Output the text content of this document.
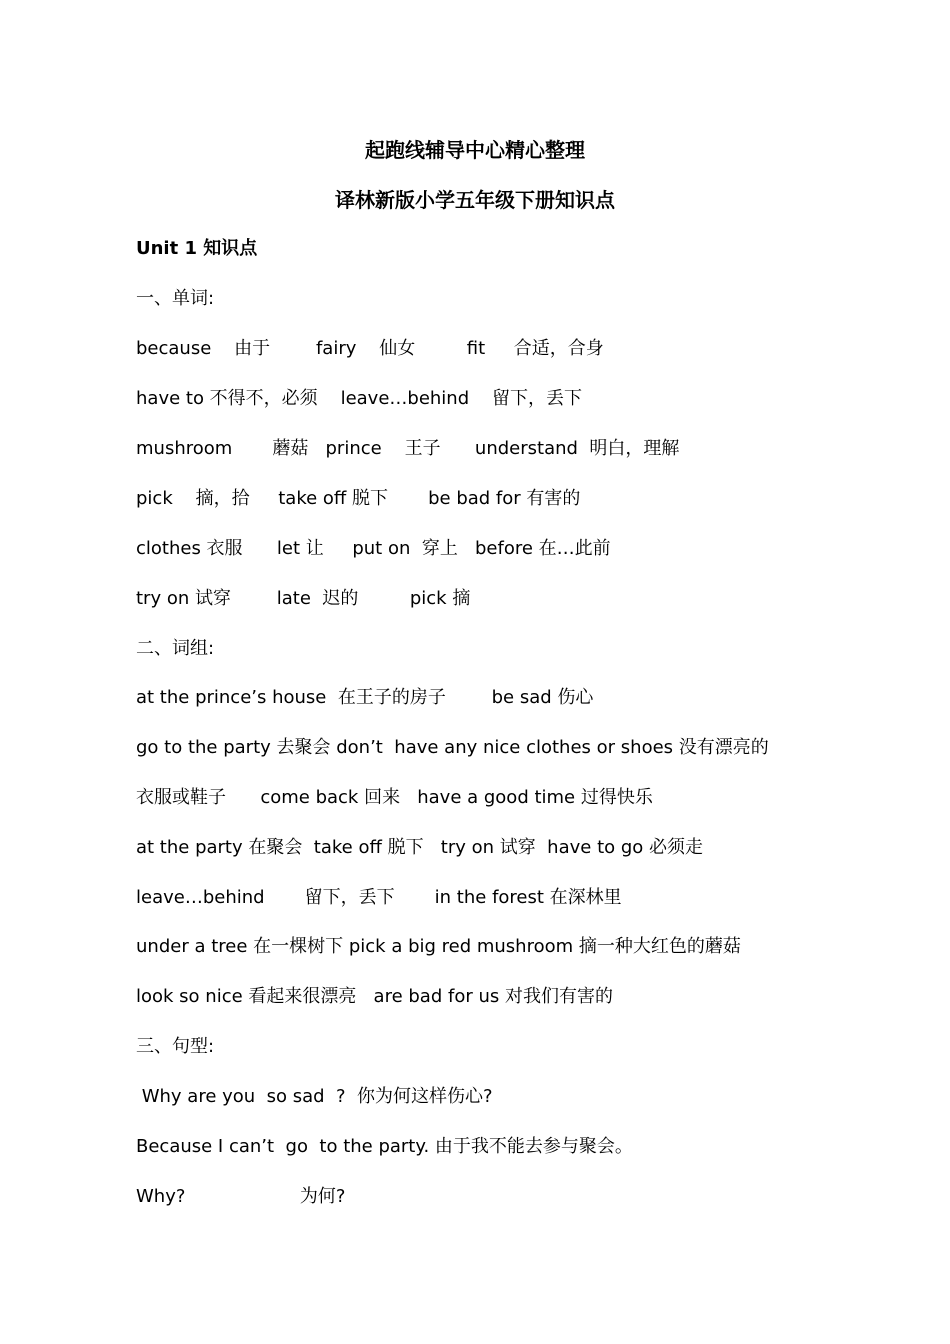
起跑线辅导中心精心整理
译林新版小学五年级下册知识点
Unit 1 知识点
一、单词:
because    由于        fairy    仙女         fit     合适，合身
have to 不得不，必须    leave…behind    留下，丢下
mushroom       蘑菇   prince    王子      understand  明白，理解
pick    摘，拾     take off 脱下       be bad for 有害的
clothes 衣服      let 让     put on  穿上   before 在…此前
try on 试穿        late  迟的         pick 摘
二、词组:
at the prince’s house  在王子的房子        be sad 伤心
go to the party 去聚会 don’t  have any nice clothes or shoes 没有漂亮的
衣服或鞋子      come back 回来   have a good time 过得快乐
at the party 在聚会  take off 脱下   try on 试穿  have to go 必须走
leave…behind       留下，丢下       in the forest 在深林里
under a tree 在一棵树下 pick a big red mushroom 摘一种大红色的蘑菇
look so nice 看起来很漂亮   are bad for us 对我们有害的
三、句型:
Why are you  so sad  ?  你为何这样伤心?
Because I can’t  go  to the party. 由于我不能去参与聚会。
Why?                    为何?
